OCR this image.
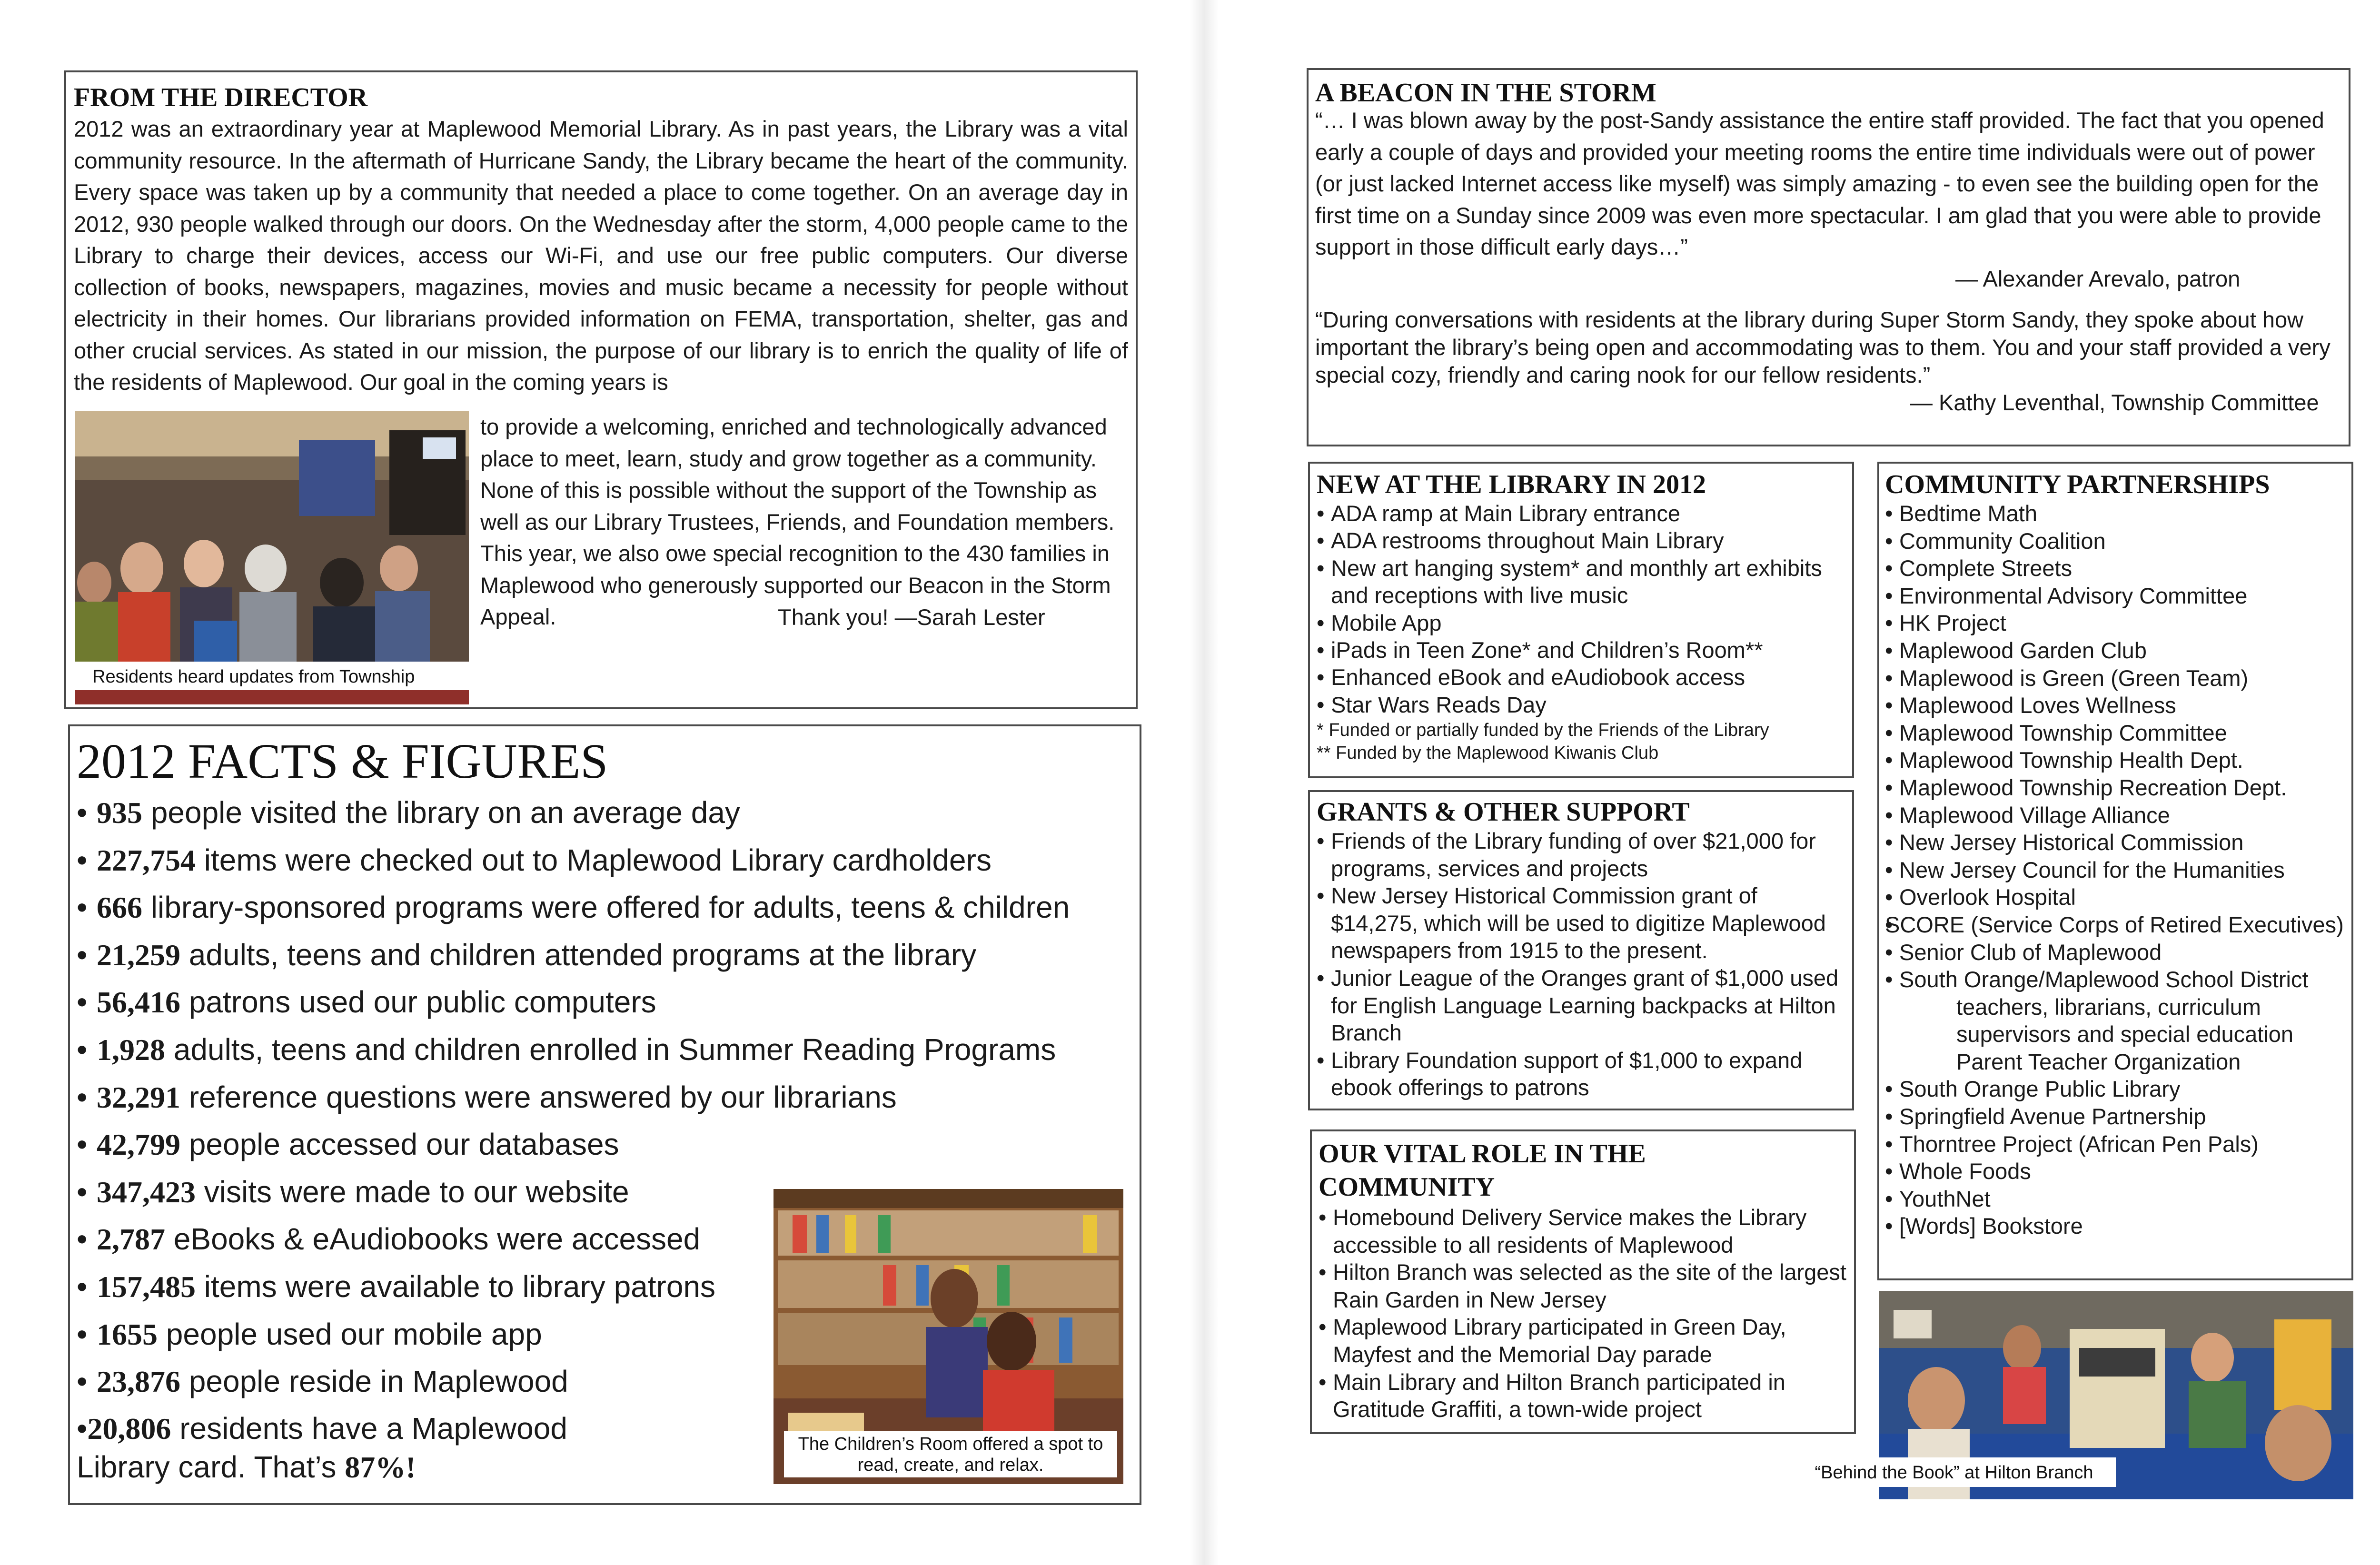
FROM THE DIRECTOR
2012 was an extraordinary year at Maplewood Memorial Library. As in past years, the Library was a vital community resource. In the aftermath of Hurricane Sandy, the Library became the heart of the community. Every space was taken up by a community that needed a place to come together. On an average day in 2012, 930 people walked through our doors. On the Wednesday after the storm, 4,000 people came to the Library to charge their devices, access our Wi-Fi, and use our free public computers. Our diverse collection of books, newspapers, magazines, movies and music became a necessity for people without electricity in their homes. Our librarians provided information on FEMA, transportation, shelter, gas and other crucial services. As stated in our mission, the purpose of our library is to enrich the quality of life of the residents of Maplewood. Our goal in the coming years is
Residents heard updates from Township
to provide a welcoming, enriched and technologically advanced place to meet, learn, study and grow together as a community. None of this is possible without the support of the Township as well as our Library Trustees, Friends, and Foundation members. This year, we also owe special recognition to the 430 families in Maplewood who generously supported our Beacon in the Storm Appeal.	Thank you! —Sarah Lester
2012 FACTS & FIGURES
• 935 people visited the library on an average day
• 227,754 items were checked out to Maplewood Library cardholders
• 666 library-sponsored programs were offered for adults, teens & children
• 21,259 adults, teens and children attended programs at the library
• 56,416 patrons used our public computers
• 1,928 adults, teens and children enrolled in Summer Reading Programs
• 32,291 reference questions were answered by our librarians
• 42,799 people accessed our databases
• 347,423 visits were made to our website
• 2,787 eBooks & eAudiobooks were accessed
• 157,485 items were available to library patrons
• 1655 people used our mobile app
• 23,876 people reside in Maplewood
•20,806 residents have a Maplewood
Library card. That’s 87%!
The Children’s Room offered a spot to read, create, and relax.
A BEACON IN THE STORM
“… I was blown away by the post-Sandy assistance the entire staff provided. The fact that you opened early a couple of days and provided your meeting rooms the entire time individuals were out of power (or just lacked Internet access like myself) was simply amazing - to even see the building open for the first time on a Sunday since 2009 was even more spectacular. I am glad that you were able to provide support in those difficult early days…”
— Alexander Arevalo, patron
“During conversations with residents at the library during Super Storm Sandy, they spoke about how important the library’s being open and accommodating was to them. You and your staff provided a very special cozy, friendly and caring nook for our fellow residents.”
— Kathy Leventhal, Township Committee
NEW AT THE LIBRARY IN 2012
• ADA ramp at Main Library entrance
• ADA restrooms throughout Main Library
• New art hanging system* and monthly art exhibits and receptions with live music
• Mobile App
• iPads in Teen Zone* and Children’s Room**
• Enhanced eBook and eAudiobook access
• Star Wars Reads Day
* Funded or partially funded by the Friends of the Library
** Funded by the Maplewood Kiwanis Club
GRANTS & OTHER SUPPORT
• Friends of the Library funding of over $21,000 for programs, services and projects
• New Jersey Historical Commission grant of $14,275, which will be used to digitize Maplewood newspapers from 1915 to the present.
• Junior League of the Oranges grant of $1,000 used for English Language Learning backpacks at Hilton Branch
• Library Foundation support of $1,000 to expand ebook offerings to patrons
OUR VITAL ROLE IN THE COMMUNITY
• Homebound Delivery Service makes the Library accessible to all residents of Maplewood
• Hilton Branch was selected as the site of the largest Rain Garden in New Jersey
• Maplewood Library participated in Green Day, Mayfest and the Memorial Day parade
• Main Library and Hilton Branch participated in Gratitude Graffiti, a town-wide project
COMMUNITY PARTNERSHIPS
• Bedtime Math
• Community Coalition
• Complete Streets
• Environmental Advisory Committee
• HK Project
• Maplewood Garden Club
• Maplewood is Green (Green Team)
• Maplewood Loves Wellness
• Maplewood Township Committee
• Maplewood Township Health Dept.
• Maplewood Township Recreation Dept.
• Maplewood Village Alliance
• New Jersey Historical Commission
• New Jersey Council for the Humanities
• Overlook Hospital
• SCORE (Service Corps of Retired Executives)
• Senior Club of Maplewood
• South Orange/Maplewood School District
teachers, librarians, curriculum
supervisors and special education
Parent Teacher Organization
• South Orange Public Library
• Springfield Avenue Partnership
• Thorntree Project (African Pen Pals)
• Whole Foods
• YouthNet
• [Words] Bookstore
“Behind the Book” at Hilton Branch
